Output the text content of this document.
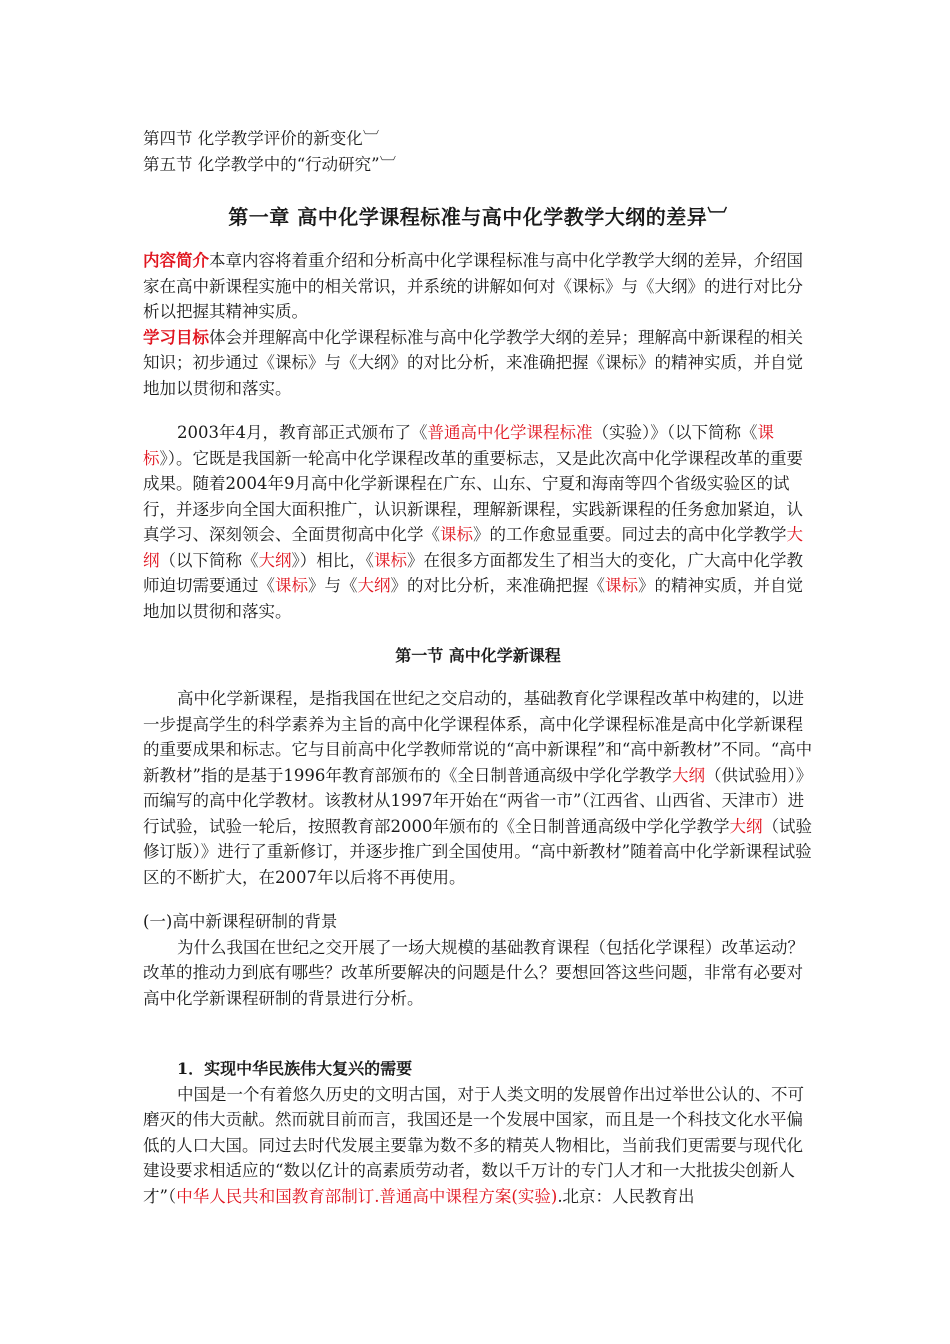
第四节 化学教学评价的新变化︺

第五节 化学教学中的“行动研究”︺

第一章 高中化学课程标准与高中化学教学大纲的差异︺

内容简介本章内容将着重介绍和分析高中化学课程标准与高中化学教学大纲的差异，介绍国家在高中新课程实施中的相关常识，并系统的讲解如何对《课标》与《大纲》的进行对比分析以把握其精神实质。

学习目标体会并理解高中化学课程标准与高中化学教学大纲的差异；理解高中新课程的相关知识；初步通过《课标》与《大纲》的对比分析，来准确把握《课标》的精神实质，并自觉地加以贯彻和落实。

2003年4月，教育部正式颁布了《普通高中化学课程标准（实验）》（以下简称《课标》）。它既是我国新一轮高中化学课程改革的重要标志，又是此次高中化学课程改革的重要成果。随着2004年9月高中化学新课程在广东、山东、宁夏和海南等四个省级实验区的试行，并逐步向全国大面积推广，认识新课程，理解新课程，实践新课程的任务愈加紧迫，认真学习、深刻领会、全面贯彻高中化学《课标》的工作愈显重要。同过去的高中化学教学大纲（以下简称《大纲》）相比，《课标》在很多方面都发生了相当大的变化，广大高中化学教师迫切需要通过《课标》与《大纲》的对比分析，来准确把握《课标》的精神实质，并自觉地加以贯彻和落实。
第一节 高中化学新课程
高中化学新课程，是指我国在世纪之交启动的，基础教育化学课程改革中构建的，以进一步提高学生的科学素养为主旨的高中化学课程体系，高中化学课程标准是高中化学新课程的重要成果和标志。它与目前高中化学教师常说的“高中新课程”和“高中新教材”不同。“高中新教材”指的是基于1996年教育部颁布的《全日制普通高级中学化学教学大纲（供试验用）》而编写的高中化学教材。该教材从1997年开始在“两省一市”（江西省、山西省、天津市）进行试验，试验一轮后，按照教育部2000年颁布的《全日制普通高级中学化学教学大纲（试验修订版）》进行了重新修订，并逐步推广到全国使用。“高中新教材”随着高中化学新课程试验区的不断扩大，在2007年以后将不再使用。

(一)高中新课程研制的背景

为什么我国在世纪之交开展了一场大规模的基础教育课程（包括化学课程）改革运动？改革的推动力到底有哪些？改革所要解决的问题是什么？要想回答这些问题，非常有必要对高中化学新课程研制的背景进行分析。

1．实现中华民族伟大复兴的需要

中国是一个有着悠久历史的文明古国，对于人类文明的发展曾作出过举世公认的、不可磨灭的伟大贡献。然而就目前而言，我国还是一个发展中国家，而且是一个科技文化水平偏低的人口大国。同过去时代发展主要靠为数不多的精英人物相比，当前我们更需要与现代化建设要求相适应的“数以亿计的高素质劳动者，数以千万计的专门人才和一大批拔尖创新人才”（中华人民共和国教育部制订.普通高中课程方案(实验).北京：人民教育出
